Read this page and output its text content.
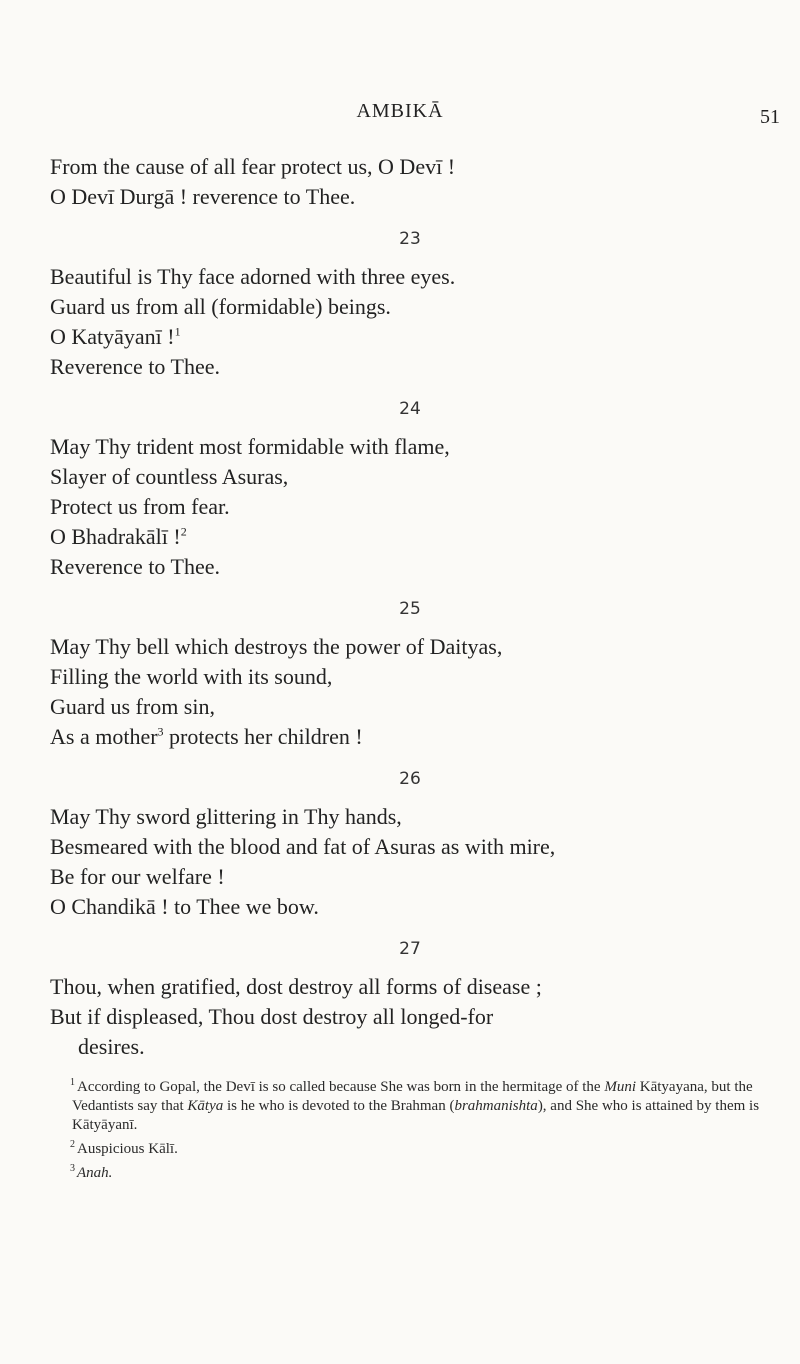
AMBIKĀ	51
From the cause of all fear protect us, O Devī !
O Devī Durgā ! reverence to Thee.
23
Beautiful is Thy face adorned with three eyes.
Guard us from all (formidable) beings.
O Katyāyanī !$^1$
Reverence to Thee.
24
May Thy trident most formidable with flame,
Slayer of countless Asuras,
Protect us from fear.
O Bhadrakālī !$^2$
Reverence to Thee.
25
May Thy bell which destroys the power of Daityas,
Filling the world with its sound,
Guard us from sin,
As a mother$^3$ protects her children !
26
May Thy sword glittering in Thy hands,
Besmeared with the blood and fat of Asuras as with mire,
Be for our welfare !
O Chandikā ! to Thee we bow.
27
Thou, when gratified, dost destroy all forms of disease ;
But if displeased, Thou dost destroy all longed-for
desires.
$^1$ According to Gopal, the Devī is so called because She was born in the hermitage of the Muni Kātyayana, but the Vedantists say that Kātya is he who is devoted to the Brahman (brahmanishta), and She who is attained by them is Kātyāyanī.
$^2$ Auspicious Kālī.
$^3$ Anah.
